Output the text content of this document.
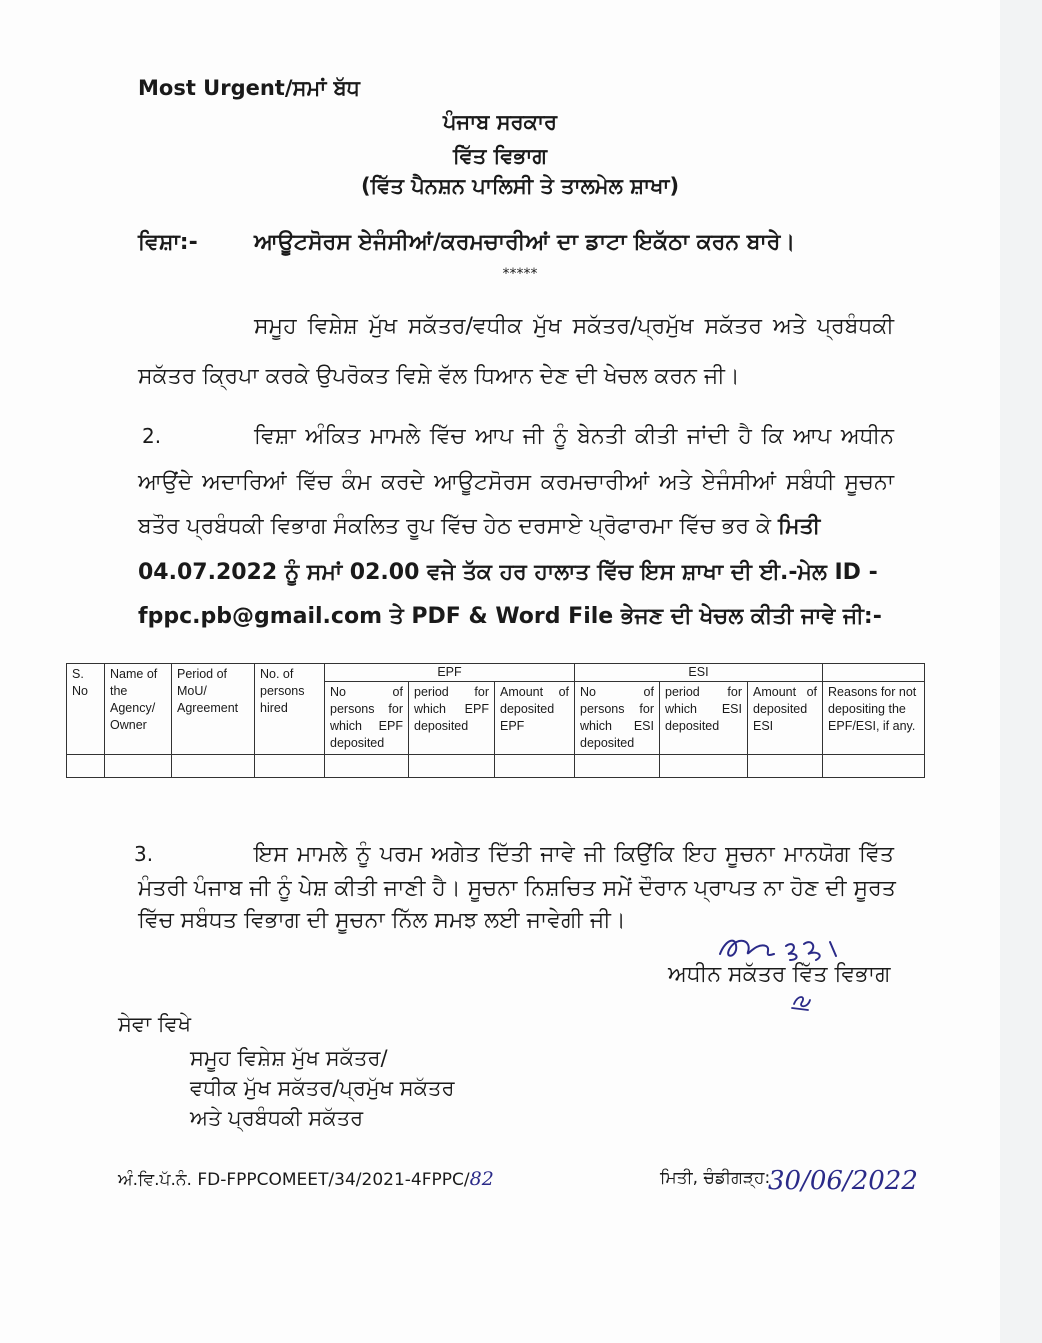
Most Urgent/ਸਮਾਂ ਬੱਧ
ਪੰਜਾਬ ਸਰਕਾਰ
ਵਿੱਤ ਵਿਭਾਗ
(ਵਿੱਤ ਪੈਨਸ਼ਨ ਪਾਲਿਸੀ ਤੇ ਤਾਲਮੇਲ ਸ਼ਾਖਾ)
ਵਿਸ਼ਾ:-	ਆਊਟਸੋਰਸ ਏਜੰਸੀਆਂ/ਕਰਮਚਾਰੀਆਂ ਦਾ ਡਾਟਾ ਇਕੱਠਾ ਕਰਨ ਬਾਰੇ।
*****
ਸਮੂਹ ਵਿਸ਼ੇਸ਼ ਮੁੱਖ ਸਕੱਤਰ/ਵਧੀਕ ਮੁੱਖ ਸਕੱਤਰ/ਪ੍ਰਮੁੱਖ ਸਕੱਤਰ ਅਤੇ ਪ੍ਰਬੰਧਕੀ
ਸਕੱਤਰ ਕ੍ਰਿਪਾ ਕਰਕੇ ਉਪਰੋਕਤ ਵਿਸ਼ੇ ਵੱਲ ਧਿਆਨ ਦੇਣ ਦੀ ਖੇਚਲ ਕਰਨ ਜੀ।
2.	ਵਿਸ਼ਾ ਅੰਕਿਤ ਮਾਮਲੇ ਵਿੱਚ ਆਪ ਜੀ ਨੂੰ ਬੇਨਤੀ ਕੀਤੀ ਜਾਂਦੀ ਹੈ ਕਿ ਆਪ ਅਧੀਨ
ਆਉਂਦੇ ਅਦਾਰਿਆਂ ਵਿੱਚ ਕੰਮ ਕਰਦੇ ਆਊਟਸੋਰਸ ਕਰਮਚਾਰੀਆਂ ਅਤੇ ਏਜੰਸੀਆਂ ਸਬੰਧੀ ਸੂਚਨਾ
ਬਤੌਰ ਪ੍ਰਬੰਧਕੀ ਵਿਭਾਗ ਸੰਕਲਿਤ ਰੂਪ ਵਿੱਚ ਹੇਠ ਦਰਸਾਏ ਪ੍ਰੋਫਾਰਮਾ ਵਿੱਚ ਭਰ ਕੇ ਮਿਤੀ
04.07.2022 ਨੂੰ ਸਮਾਂ 02.00 ਵਜੇ ਤੱਕ ਹਰ ਹਾਲਾਤ ਵਿੱਚ ਇਸ ਸ਼ਾਖਾ ਦੀ ਈ.-ਮੇਲ ID -
fppc.pb@gmail.com ਤੇ PDF & Word File ਭੇਜਣ ਦੀ ਖੇਚਲ ਕੀਤੀ ਜਾਵੇ ਜੀ:-
S. No	Name of the Agency/ Owner	Period of MoU/ Agreement	No. of persons hired	EPF			ESI			
				No of persons for which EPF deposited	period for which EPF deposited	Amount of deposited EPF	No of persons for which ESI deposited	period for which ESI deposited	Amount of deposited ESI	Reasons for not depositing the EPF/ESI, if any.

3.	ਇਸ ਮਾਮਲੇ ਨੂੰ ਪਰਮ ਅਗੇਤ ਦਿੱਤੀ ਜਾਵੇ ਜੀ ਕਿਉਂਕਿ ਇਹ ਸੂਚਨਾ ਮਾਨਯੋਗ ਵਿੱਤ
ਮੰਤਰੀ ਪੰਜਾਬ ਜੀ ਨੂੰ ਪੇਸ਼ ਕੀਤੀ ਜਾਣੀ ਹੈ। ਸੂਚਨਾ ਨਿਸ਼ਚਿਤ ਸਮੇਂ ਦੌਰਾਨ ਪ੍ਰਾਪਤ ਨਾ ਹੋਣ ਦੀ ਸੂਰਤ
ਵਿੱਚ ਸਬੰਧਤ ਵਿਭਾਗ ਦੀ ਸੂਚਨਾ ਨਿੱਲ ਸਮਝ ਲਈ ਜਾਵੇਗੀ ਜੀ।
ਅਧੀਨ ਸਕੱਤਰ ਵਿੱਤ ਵਿਭਾਗ
ਸੇਵਾ ਵਿਖੇ
ਸਮੂਹ ਵਿਸ਼ੇਸ਼ ਮੁੱਖ ਸਕੱਤਰ/
ਵਧੀਕ ਮੁੱਖ ਸਕੱਤਰ/ਪ੍ਰਮੁੱਖ ਸਕੱਤਰ
ਅਤੇ ਪ੍ਰਬੰਧਕੀ ਸਕੱਤਰ
ਅੰ.ਵਿ.ਪੱ.ਨੰ. FD-FPPCOMEET/34/2021-4FPPC/82	ਮਿਤੀ, ਚੰਡੀਗੜ੍ਹ:
30/06/2022
